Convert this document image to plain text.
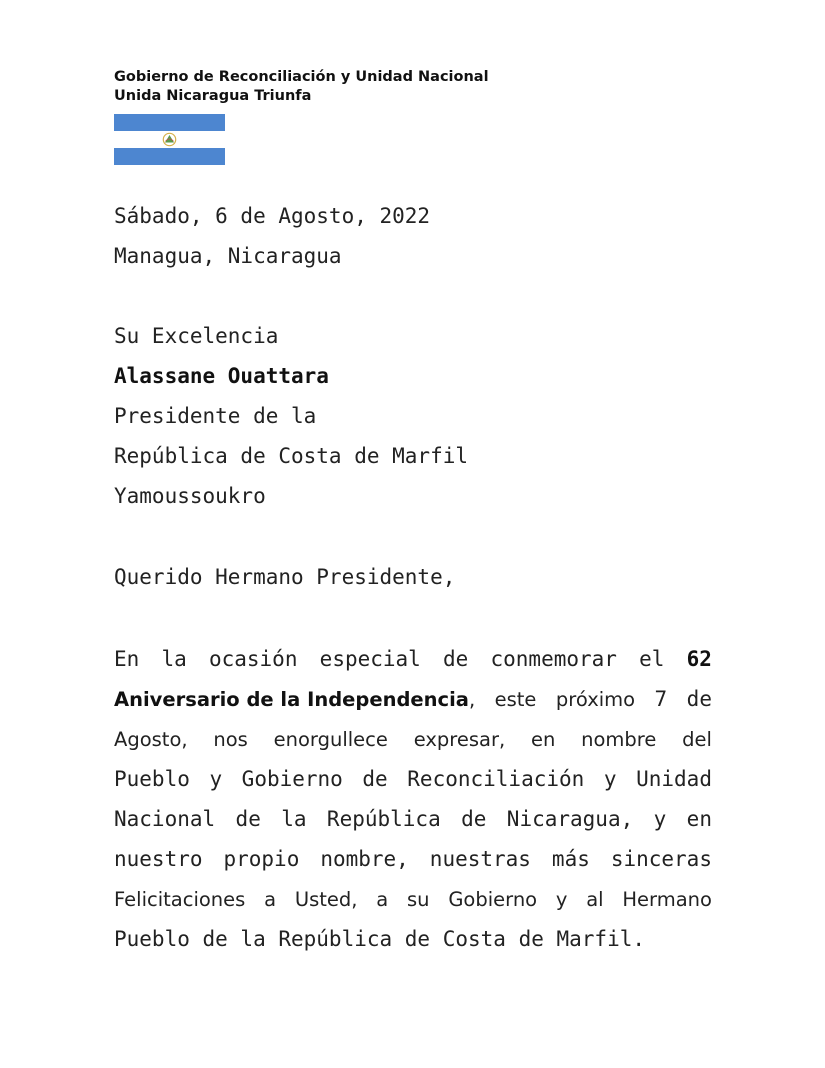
Gobierno de Reconciliación y Unidad Nacional
Unida Nicaragua Triunfa
Sábado, 6 de Agosto, 2022
Managua, Nicaragua
Su Excelencia
Alassane Ouattara
Presidente de la
República de Costa de Marfil
Yamoussoukro
Querido Hermano Presidente,
En la ocasión especial de conmemorar el 62
Aniversario de la Independencia, este próximo 7 de
Agosto, nos enorgullece expresar, en nombre del
Pueblo y Gobierno de Reconciliación y Unidad
Nacional de la República de Nicaragua, y en
nuestro propio nombre, nuestras más sinceras
Felicitaciones a Usted, a su Gobierno y al Hermano
Pueblo de la República de Costa de Marfil.
